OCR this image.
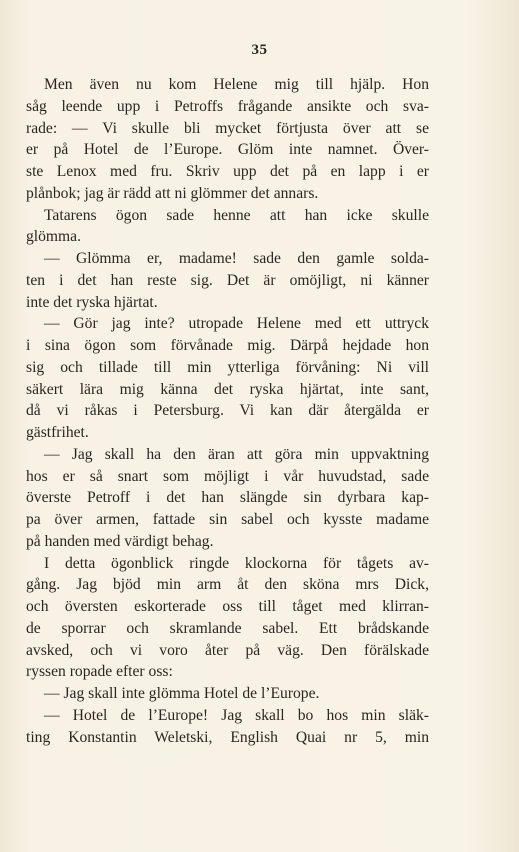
35
Men även nu kom Helene mig till hjälp. Hon
såg leende upp i Petroffs frågande ansikte och sva-
rade: — Vi skulle bli mycket förtjusta över att se
er på Hotel de l’Europe. Glöm inte namnet. Över-
ste Lenox med fru. Skriv upp det på en lapp i er
plånbok; jag är rädd att ni glömmer det annars.
Tatarens ögon sade henne att han icke skulle
glömma.
— Glömma er, madame! sade den gamle solda-
ten i det han reste sig. Det är omöjligt, ni känner
inte det ryska hjärtat.
— Gör jag inte? utropade Helene med ett uttryck
i sina ögon som förvånade mig. Därpå hejdade hon
sig och tillade till min ytterliga förvåning: Ni vill
säkert lära mig känna det ryska hjärtat, inte sant,
då vi råkas i Petersburg. Vi kan där återgälda er
gästfrihet.
— Jag skall ha den äran att göra min uppvaktning
hos er så snart som möjligt i vår huvudstad, sade
överste Petroff i det han slängde sin dyrbara kap-
pa över armen, fattade sin sabel och kysste madame
på handen med värdigt behag.
I detta ögonblick ringde klockorna för tågets av-
gång. Jag bjöd min arm åt den sköna mrs Dick,
och översten eskorterade oss till tåget med klirran-
de sporrar och skramlande sabel. Ett brådskande
avsked, och vi voro åter på väg. Den förälskade
ryssen ropade efter oss:
— Jag skall inte glömma Hotel de l’Europe.
— Hotel de l’Europe! Jag skall bo hos min släk-
ting Konstantin Weletski, English Quai nr 5, min
